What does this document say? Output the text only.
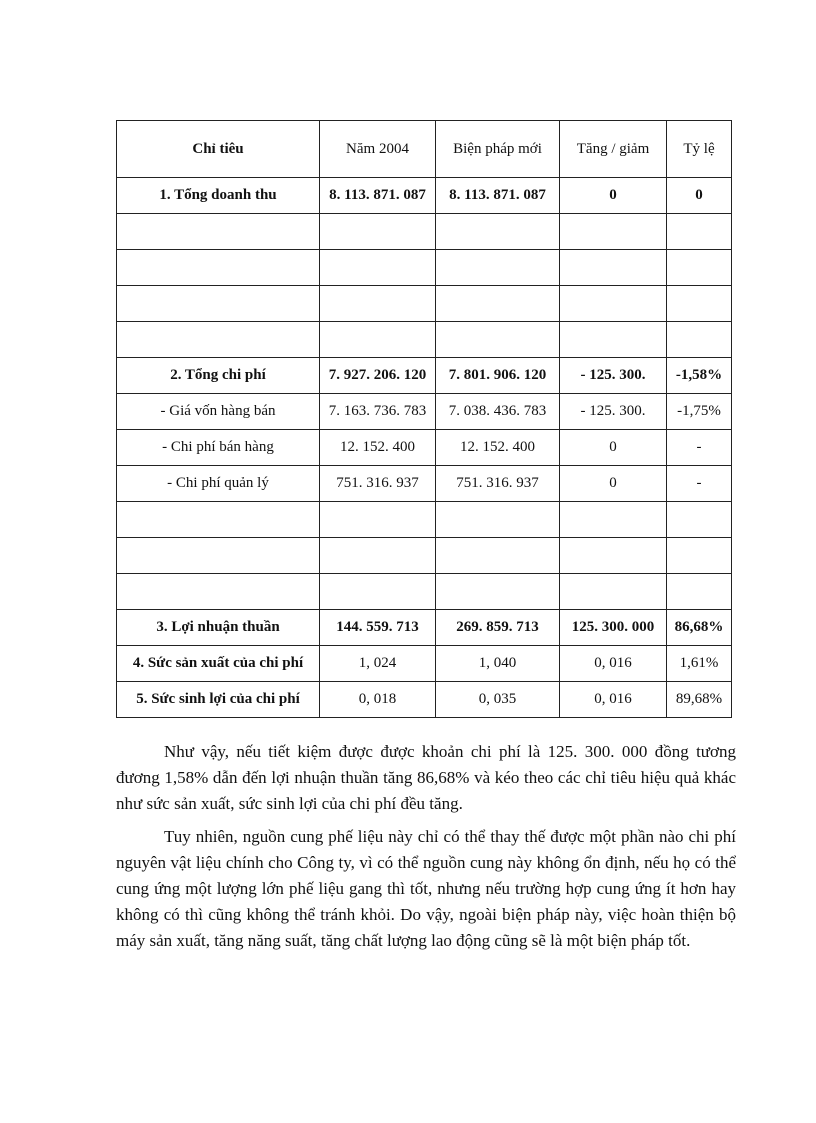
Chỉ tiêu	Năm 2004	Biện pháp mới	Tăng / giảm	Tỷ lệ
1. Tổng doanh thu	8. 113. 871. 087	8. 113. 871. 087	0	0

2. Tổng chi phí	7. 927. 206. 120	7. 801. 906. 120	- 125. 300.	-1,58%
- Giá vốn hàng bán	7. 163. 736. 783	7. 038. 436. 783	- 125. 300.	-1,75%
- Chi phí bán hàng	12. 152. 400	12. 152. 400	0	-
- Chi phí quản lý	751. 316. 937	751. 316. 937	0	-

3. Lợi nhuận thuần	144. 559. 713	269. 859. 713	125. 300. 000	86,68%
4. Sức sản xuất của chi phí	1, 024	1, 040	0, 016	1,61%
5. Sức sinh lợi của chi phí	0, 018	0, 035	0, 016	89,68%

Như vậy, nếu tiết kiệm được được khoản chi phí là 125. 300. 000 đồng tương đương 1,58% dẫn đến lợi nhuận thuần tăng 86,68% và kéo theo các chỉ tiêu hiệu quả khác như sức sản xuất, sức sinh lợi của chi phí đều tăng.

Tuy nhiên, nguồn cung phế liệu này chỉ có thể thay thế được một phần nào chi phí nguyên vật liệu chính cho Công ty, vì có thể nguồn cung này không ổn định, nếu họ có thể cung ứng một lượng lớn phế liệu gang thì tốt, nhưng nếu trường hợp cung ứng ít hơn hay không có thì cũng không thể tránh khỏi. Do vậy, ngoài biện pháp này, việc hoàn thiện bộ máy sản xuất, tăng năng suất, tăng chất lượng lao động cũng sẽ là một biện pháp tốt.
